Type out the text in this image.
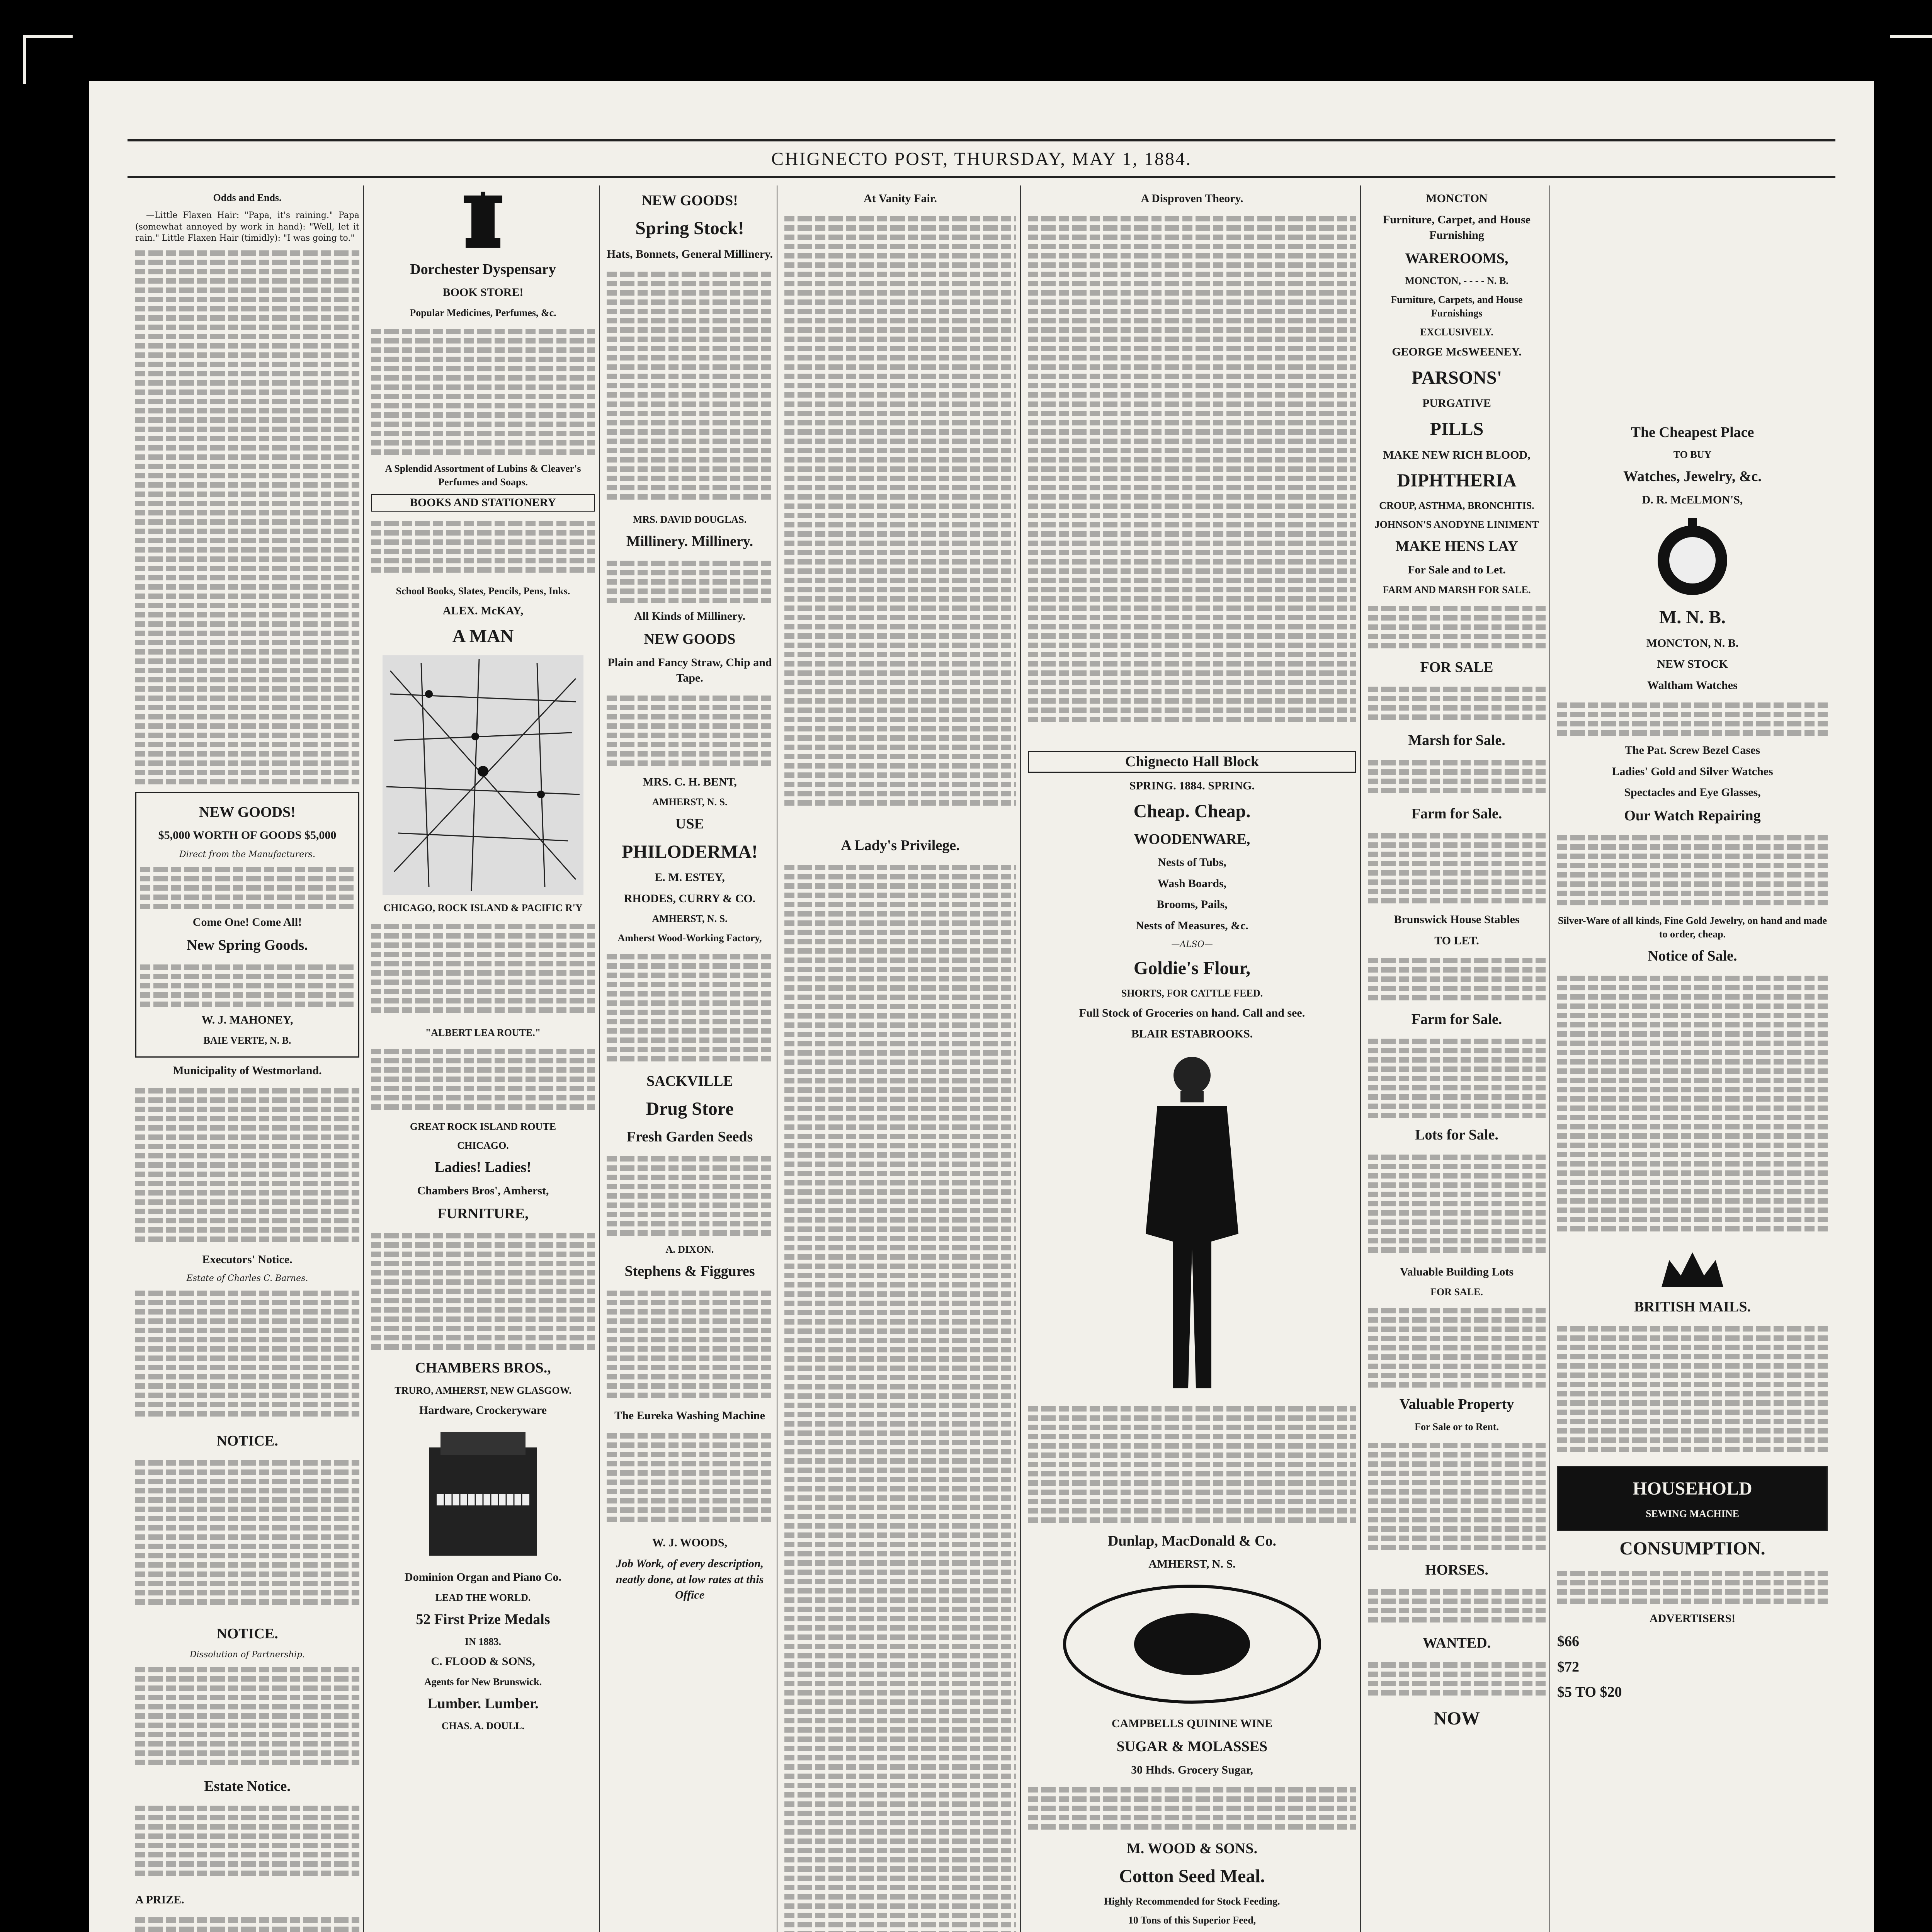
CHIGNECTO POST, THURSDAY, MAY 1, 1884.
Odds and Ends.
—Little Flaxen Hair: "Papa, it's raining." Papa (somewhat annoyed by work in hand): "Well, let it rain." Little Flaxen Hair (timidly): "I was going to."
NEW GOODS!
$5,000 WORTH OF GOODS $5,000
Direct from the Manufacturers.
Come One! Come All!
New Spring Goods.
W. J. MAHONEY,
BAIE VERTE, N. B.
Municipality of Westmorland.
Executors' Notice.
Estate of Charles C. Barnes.
NOTICE.
NOTICE.
Dissolution of Partnership.
Estate Notice.
A PRIZE.
Dorchester Dyspensary
BOOK STORE!
Popular Medicines, Perfumes, &c.
A Splendid Assortment of Lubins & Cleaver's Perfumes and Soaps.
BOOKS AND STATIONERY
School Books, Slates, Pencils, Pens, Inks.
ALEX. McKAY,
A MAN
CHICAGO, ROCK ISLAND & PACIFIC R'Y
"ALBERT LEA ROUTE."
GREAT ROCK ISLAND ROUTE
CHICAGO.
Ladies! Ladies!
Chambers Bros', Amherst,
FURNITURE,
CHAMBERS BROS.,
TRURO, AMHERST, NEW GLASGOW.
Hardware, Crockeryware
Dominion Organ and Piano Co.
LEAD THE WORLD.
52 First Prize Medals
IN 1883.
C. FLOOD & SONS,
Agents for New Brunswick.
Lumber. Lumber.
CHAS. A. DOULL.
NEW GOODS!
Spring Stock!
Hats, Bonnets, General Millinery.
MRS. DAVID DOUGLAS.
Millinery. Millinery.
All Kinds of Millinery.
NEW GOODS
Plain and Fancy Straw, Chip and Tape.
MRS. C. H. BENT,
AMHERST, N. S.
USE
PHILODERMA!
E. M. ESTEY,
RHODES, CURRY & CO.
AMHERST, N. S.
Amherst Wood-Working Factory,
SACKVILLE
Drug Store
Fresh Garden Seeds
A. DIXON.
Stephens & Figgures
The Eureka Washing Machine
W. J. WOODS,
Job Work, of every description, neatly done, at low rates at this Office
At Vanity Fair.
A Lady's Privilege.
A Disproven Theory.
Chignecto Hall Block
SPRING. 1884. SPRING.
Cheap. Cheap.
WOODENWARE,
Nests of Tubs,
Wash Boards,
Brooms, Pails,
Nests of Measures, &c.
—ALSO—
Goldie's Flour,
SHORTS, FOR CATTLE FEED.
Full Stock of Groceries on hand. Call and see.
BLAIR ESTABROOKS.
Dunlap, MacDonald & Co.
AMHERST, N. S.
CAMPBELLS QUININE WINE
SUGAR & MOLASSES
30 Hhds. Grocery Sugar,
M. WOOD & SONS.
Cotton Seed Meal.
Highly Recommended for Stock Feeding.
10 Tons of this Superior Feed,
MONCTON
Furniture, Carpet, and House Furnishing
WAREROOMS,
MONCTON, - - - - N. B.
Furniture, Carpets, and House Furnishings
EXCLUSIVELY.
GEORGE McSWEENEY.
PARSONS'
PURGATIVE
PILLS
MAKE NEW RICH BLOOD,
DIPHTHERIA
CROUP, ASTHMA, BRONCHITIS.
JOHNSON'S ANODYNE LINIMENT
MAKE HENS LAY
For Sale and to Let.
FARM AND MARSH FOR SALE.
FOR SALE
Marsh for Sale.
Farm for Sale.
Brunswick House Stables
TO LET.
Farm for Sale.
Lots for Sale.
Valuable Building Lots
FOR SALE.
Valuable Property
For Sale or to Rent.
HORSES.
WANTED.
NOW
The Cheapest Place
TO BUY
Watches, Jewelry, &c.
D. R. McELMON'S,
M. N. B.
MONCTON, N. B.
NEW STOCK
Waltham Watches
The Pat. Screw Bezel Cases
Ladies' Gold and Silver Watches
Spectacles and Eye Glasses,
Our Watch Repairing
Silver-Ware of all kinds, Fine Gold Jewelry, on hand and made to order, cheap.
Notice of Sale.
BRITISH MAILS.
HOUSEHOLD
SEWING MACHINE
CONSUMPTION.
ADVERTISERS!
$66
$72
$5 TO $20
